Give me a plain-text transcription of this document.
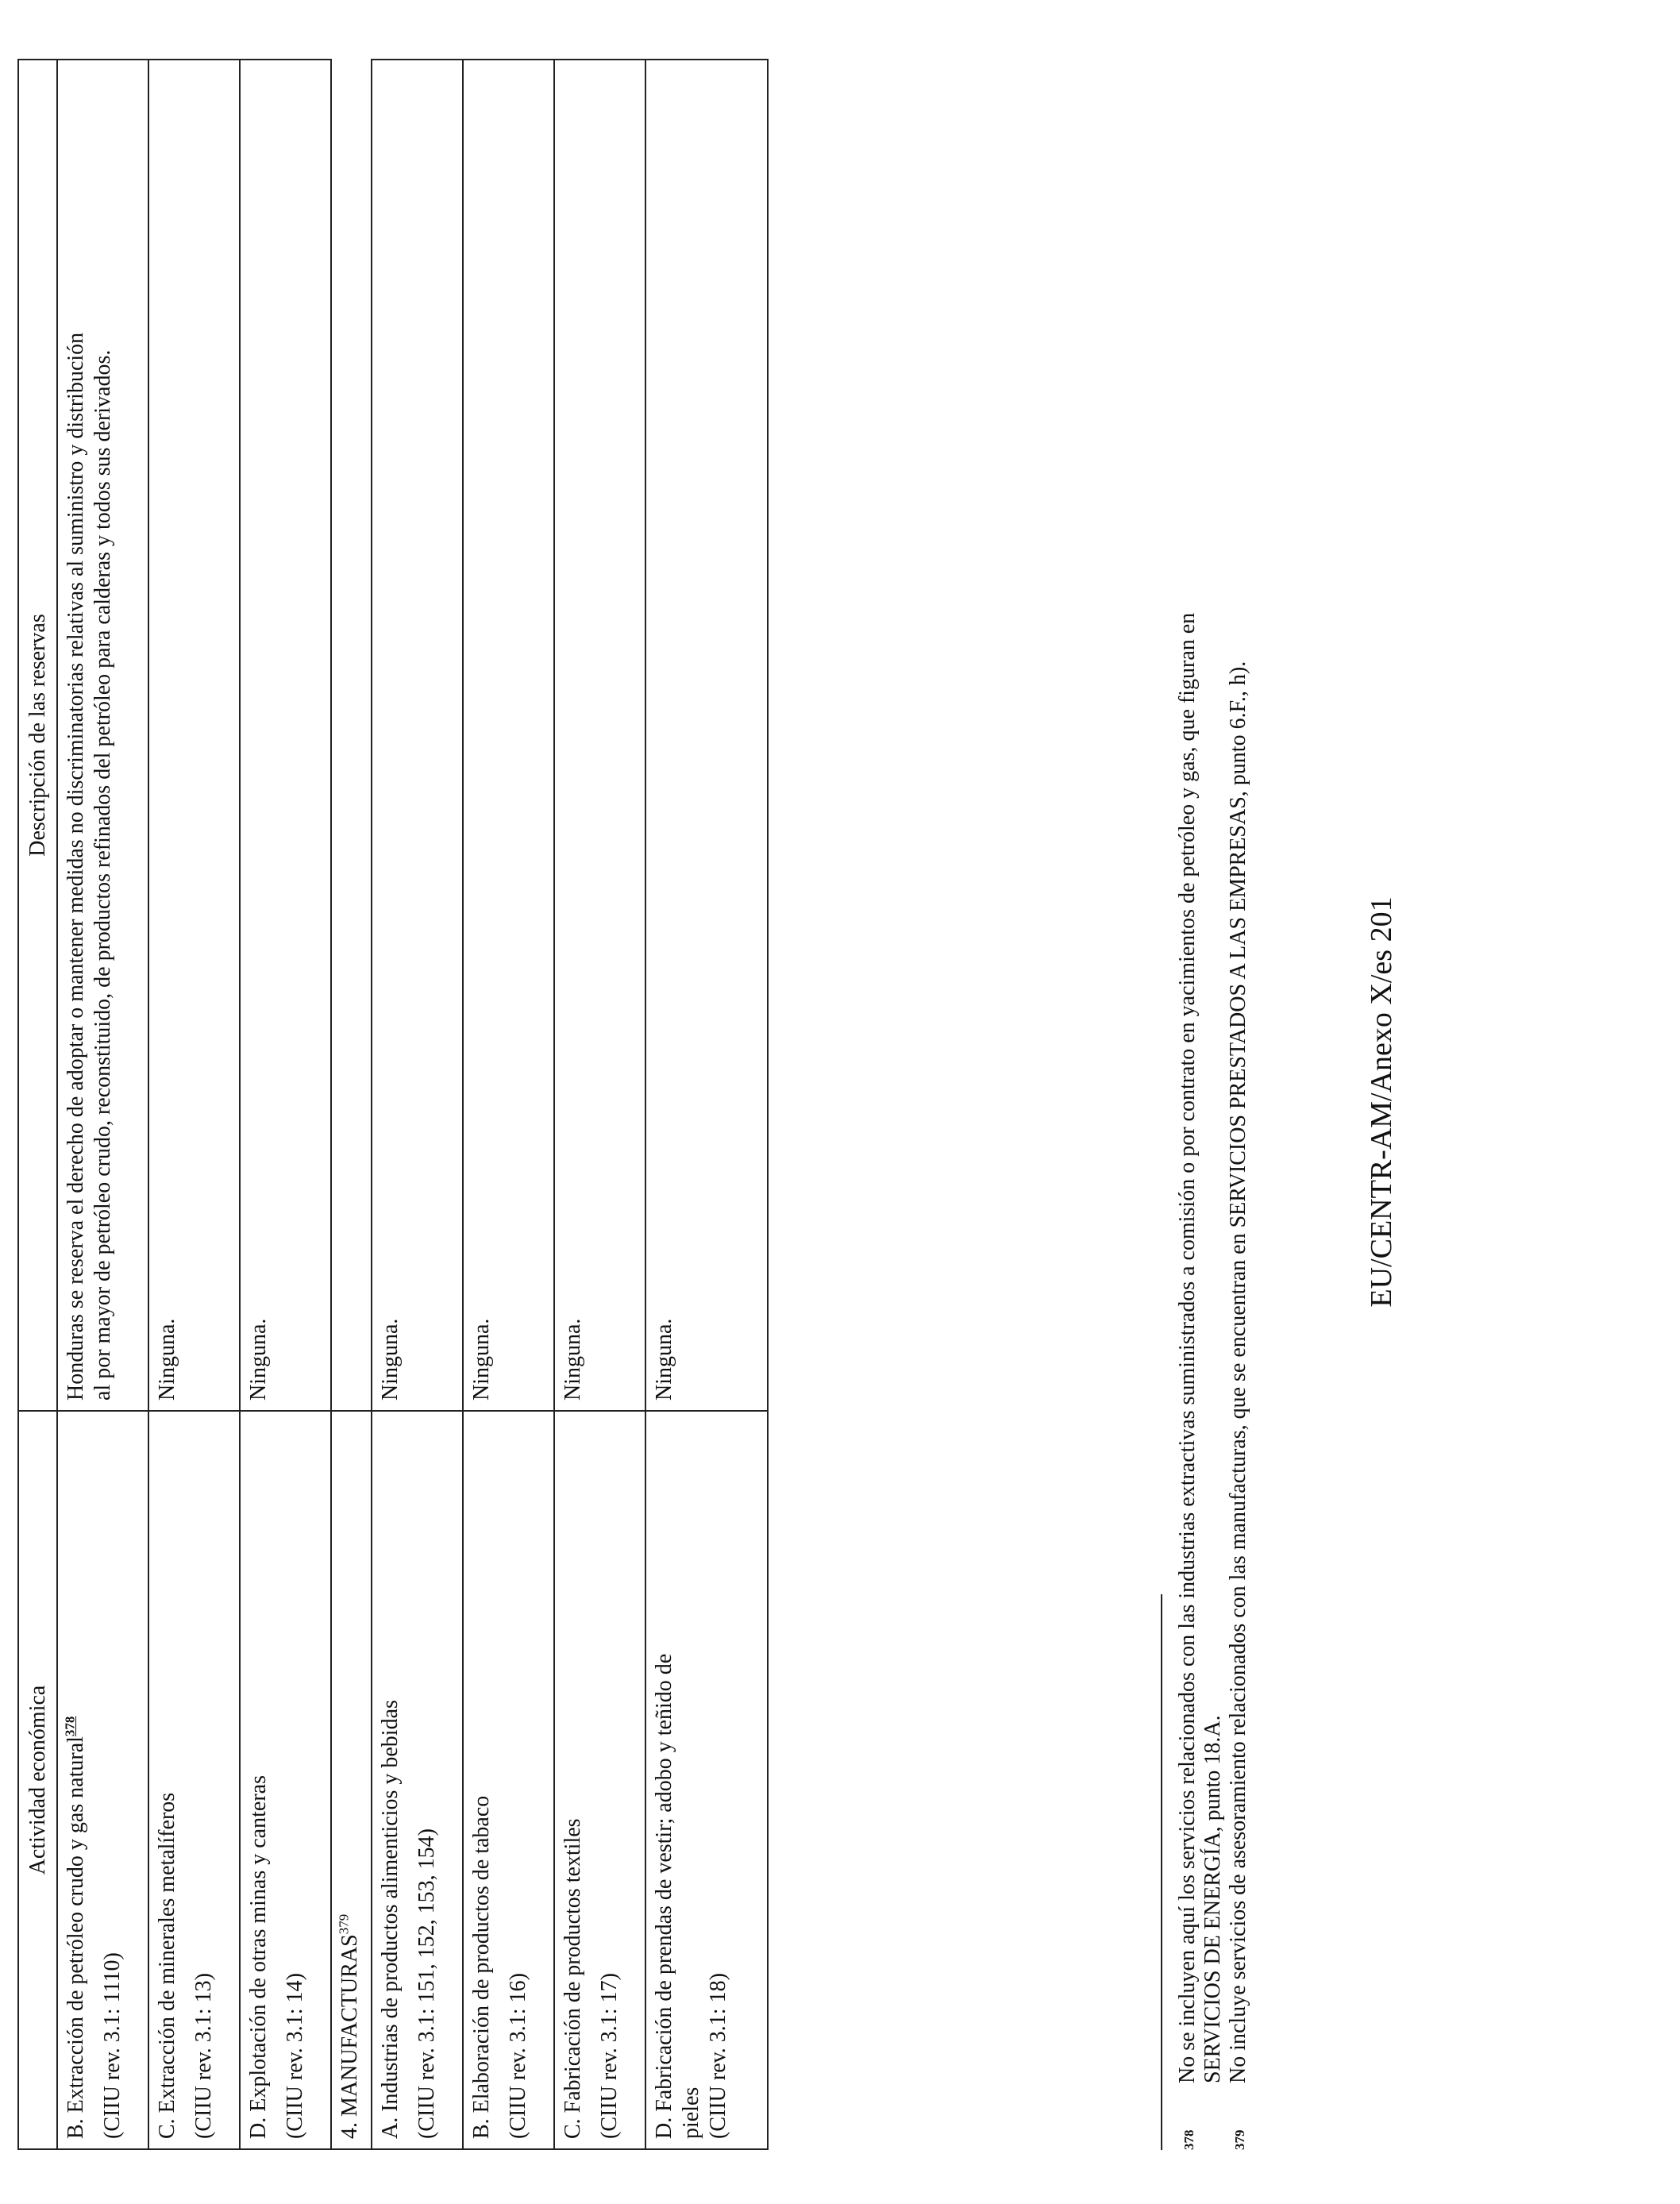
Actividad económica	Descripción de las reservas

B. Extracción de petróleo crudo y gas natural$^{378}$
(CIIU rev. 3.1: 1110)	Honduras se reserva el derecho de adoptar o mantener medidas no discriminatorias relativas al suministro y distribución al por mayor de petróleo crudo, reconstituido, de productos refinados del petróleo para calderas y todos sus derivados.

C. Extracción de minerales metalíferos (CIIU rev. 3.1: 13)	Ninguna.

D. Explotación de otras minas y canteras (CIIU rev. 3.1: 14)	Ninguna.
4. MANUFACTURAS$^{379}$	

A. Industrias de productos alimenticios y bebidas (CIIU rev. 3.1: 151, 152, 153, 154)	Ninguna.

B. Elaboración de productos de tabaco (CIIU rev. 3.1: 16)	Ninguna.

C. Fabricación de productos textiles (CIIU rev. 3.1: 17)	Ninguna.

D. Fabricación de prendas de vestir; adobo y teñido de pieles (CIIU rev. 3.1: 18)	Ninguna.
378
No se incluyen aquí los servicios relacionados con las industrias extractivas suministrados a comisión o por contrato en yacimientos de petróleo y gas, que figuran en SERVICIOS DE ENERGÍA, punto 18.A.
379
No incluye servicios de asesoramiento relacionados con las manufacturas, que se encuentran en SERVICIOS PRESTADOS A LAS EMPRESAS, punto 6.F., h).	EU/CENTR-AM/Anexo X/es 201
